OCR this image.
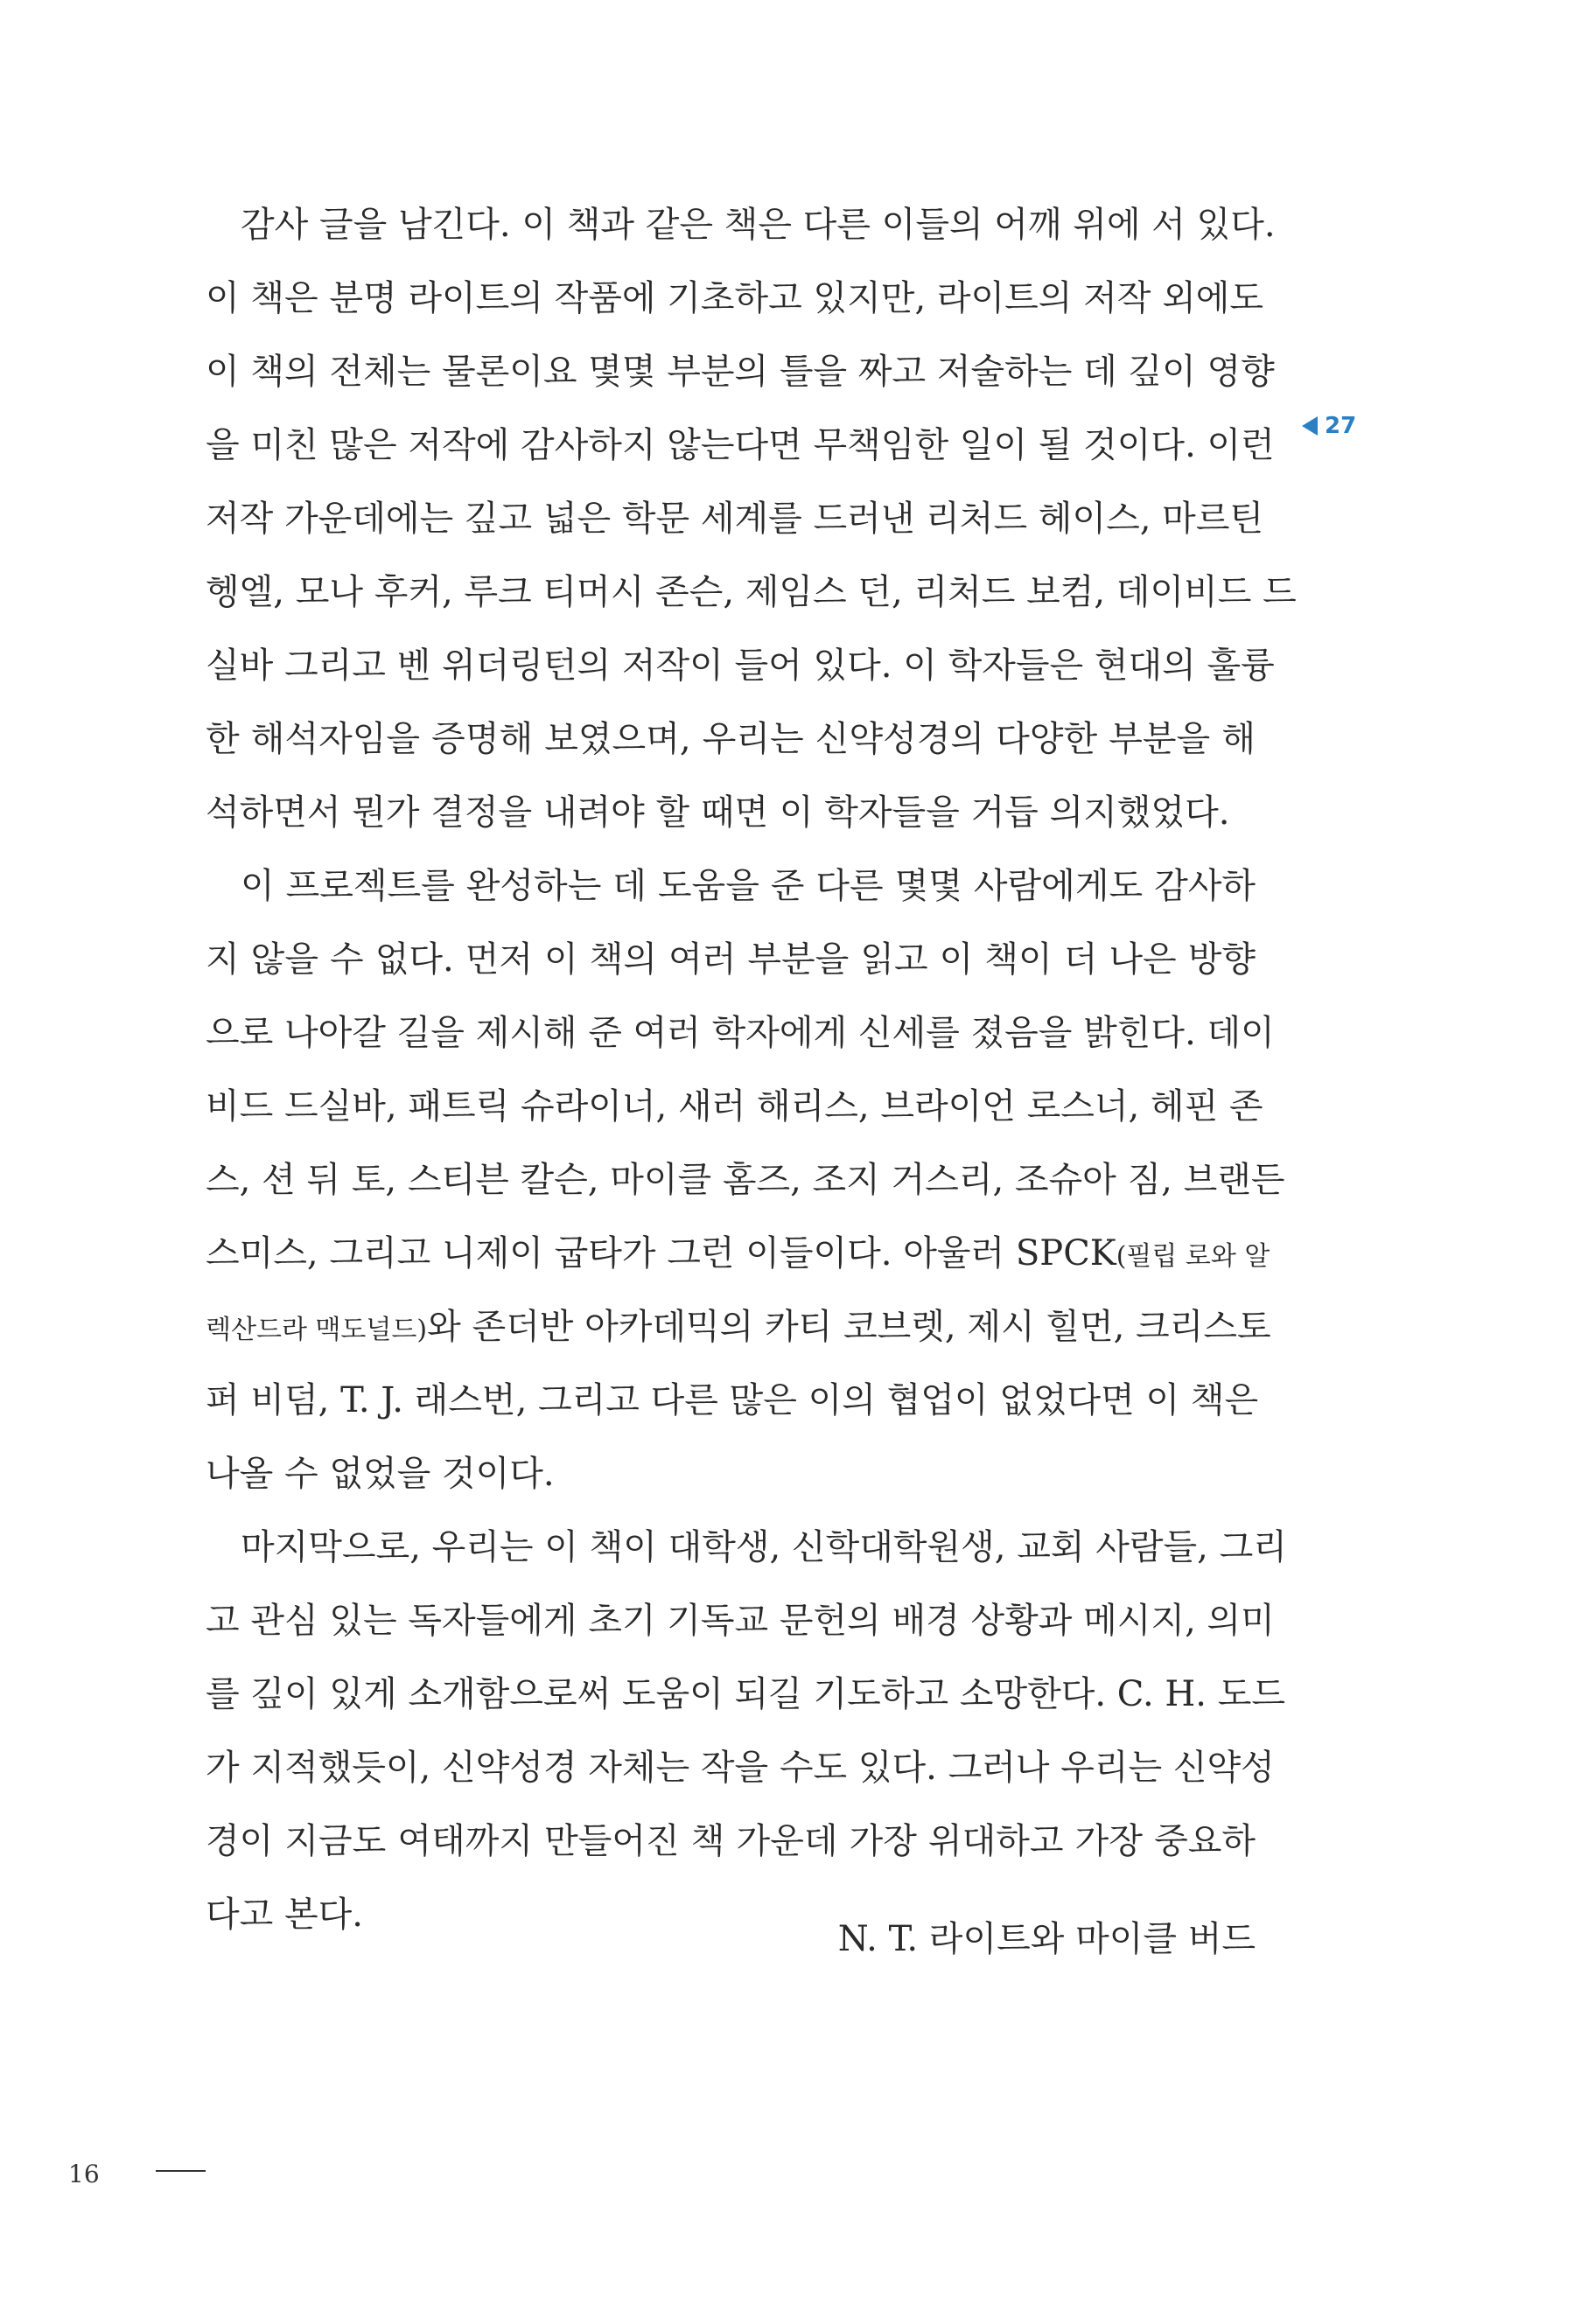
감사 글을 남긴다. 이 책과 같은 책은 다른 이들의 어깨 위에 서 있다.
이 책은 분명 라이트의 작품에 기초하고 있지만, 라이트의 저작 외에도
이 책의 전체는 물론이요 몇몇 부분의 틀을 짜고 저술하는 데 깊이 영향
을 미친 많은 저작에 감사하지 않는다면 무책임한 일이 될 것이다. 이런
저작 가운데에는 깊고 넓은 학문 세계를 드러낸 리처드 헤이스, 마르틴
헹엘, 모나 후커, 루크 티머시 존슨, 제임스 던, 리처드 보컴, 데이비드 드
실바 그리고 벤 위더링턴의 저작이 들어 있다. 이 학자들은 현대의 훌륭
한 해석자임을 증명해 보였으며, 우리는 신약성경의 다양한 부분을 해
석하면서 뭔가 결정을 내려야 할 때면 이 학자들을 거듭 의지했었다.
이 프로젝트를 완성하는 데 도움을 준 다른 몇몇 사람에게도 감사하
지 않을 수 없다. 먼저 이 책의 여러 부분을 읽고 이 책이 더 나은 방향
으로 나아갈 길을 제시해 준 여러 학자에게 신세를 졌음을 밝힌다. 데이
비드 드실바, 패트릭 슈라이너, 새러 해리스, 브라이언 로스너, 헤핀 존
스, 션 뒤 토, 스티븐 칼슨, 마이클 홈즈, 조지 거스리, 조슈아 짐, 브랜든
스미스, 그리고 니제이 굽타가 그런 이들이다. 아울러 SPCK(필립 로와 알
렉산드라 맥도널드)와 존더반 아카데믹의 카티 코브렛, 제시 힐먼, 크리스토
퍼 비덤, T. J. 래스번, 그리고 다른 많은 이의 협업이 없었다면 이 책은
나올 수 없었을 것이다.
마지막으로, 우리는 이 책이 대학생, 신학대학원생, 교회 사람들, 그리
고 관심 있는 독자들에게 초기 기독교 문헌의 배경 상황과 메시지, 의미
를 깊이 있게 소개함으로써 도움이 되길 기도하고 소망한다. C. H. 도드
가 지적했듯이, 신약성경 자체는 작을 수도 있다. 그러나 우리는 신약성
경이 지금도 여태까지 만들어진 책 가운데 가장 위대하고 가장 중요하
다고 본다.
N. T. 라이트와 마이클 버드
27
16
